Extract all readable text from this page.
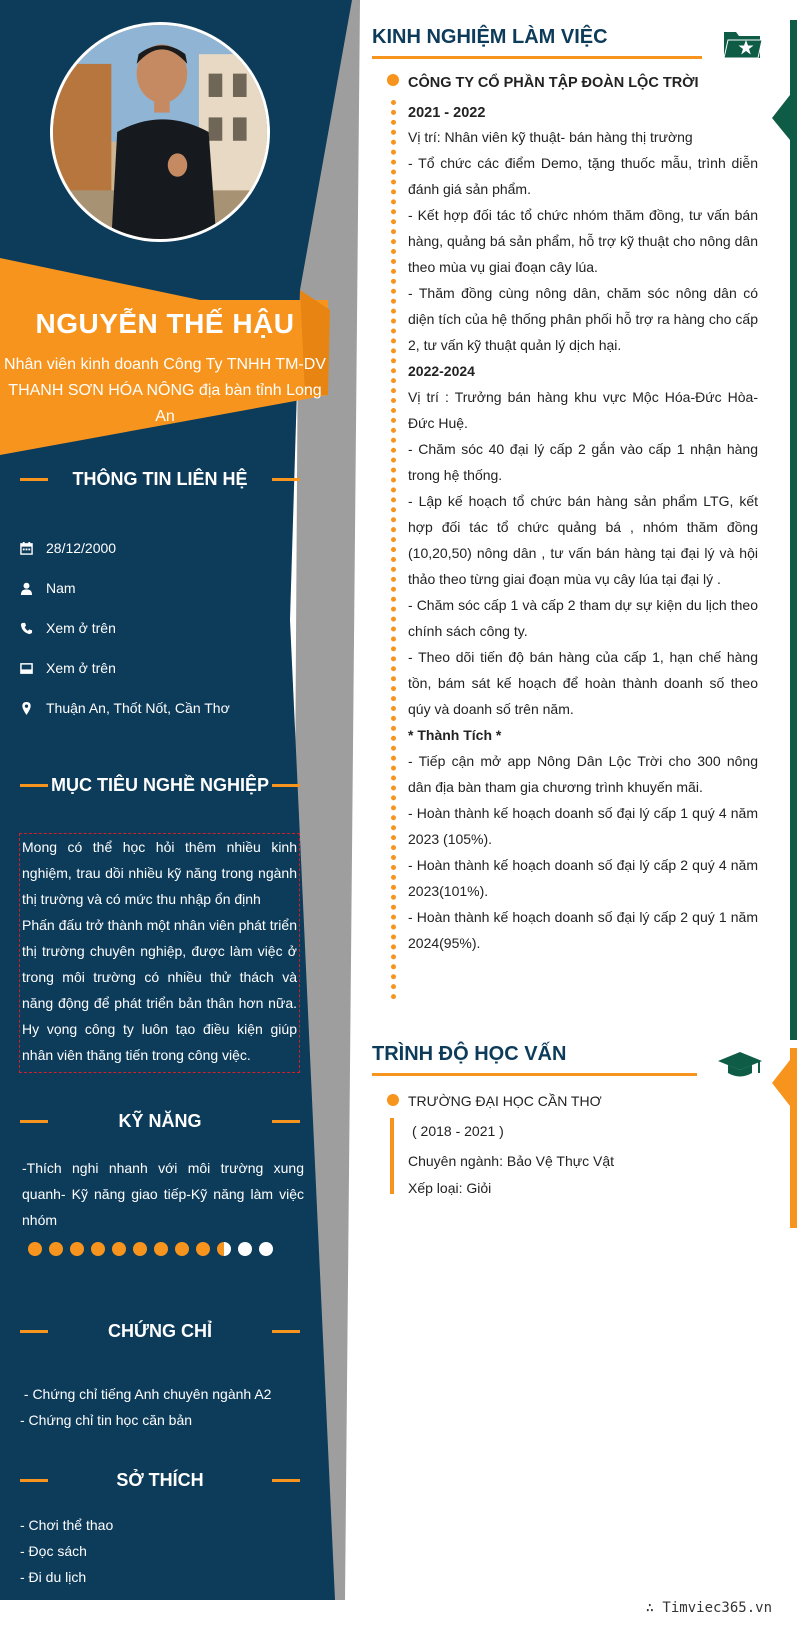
NGUYỄN THẾ HẬU
Nhân viên kinh doanh Công Ty TNHH TM-DV THANH SƠN HÓA NÔNG địa bàn tỉnh Long An
THÔNG TIN LIÊN HỆ
28/12/2000
Nam
Xem ở trên
Xem ở trên
Thuận An, Thốt Nốt, Cần Thơ
MỤC TIÊU NGHỀ NGHIỆP

Mong có thể học hỏi thêm nhiều kinh nghiệm, trau dồi nhiều kỹ năng trong ngành thị trường và có mức thu nhập ổn định

Phấn đấu trở thành một nhân viên phát triển thị trường chuyên nghiệp, được làm việc ở trong môi trường có nhiều thử thách và năng động để phát triển bản thân hơn nữa. Hy vọng công ty luôn tạo điều kiện giúp nhân viên thăng tiến trong công việc.

KỸ NĂNG
-Thích nghi nhanh với môi trường xung quanh- Kỹ năng giao tiếp-Kỹ năng làm việc nhóm
CHỨNG CHỈ
- Chứng chỉ tiếng Anh chuyên ngành A2
- Chứng chỉ tin học căn bản
SỞ THÍCH
- Chơi thể thao
- Đọc sách
- Đi du lịch
KINH NGHIỆM LÀM VIỆC
CÔNG TY CỔ PHẦN TẬP ĐOÀN LỘC TRỜI
2021 - 2022

Vị trí: Nhân viên kỹ thuật- bán hàng thị trường

- Tổ chức các điểm Demo, tặng thuốc mẫu, trình diễn đánh giá sản phẩm.

- Kết hợp đối tác tổ chức nhóm thăm đồng, tư vấn bán hàng, quảng bá sản phẩm, hỗ trợ kỹ thuật cho nông dân theo mùa vụ giai đoạn cây lúa.

- Thăm đồng cùng nông dân, chăm sóc nông dân có diện tích của hệ thống phân phối hỗ trợ ra hàng cho cấp 2, tư vấn kỹ thuật quản lý dịch hại.

2022-2024

Vị trí : Trưởng bán hàng khu vực Mộc Hóa-Đức Hòa- Đức Huệ.

- Chăm sóc 40 đại lý cấp 2 gắn vào cấp 1 nhận hàng trong hệ thống.

- Lập kế hoạch tổ chức bán hàng sản phẩm LTG, kết hợp đối tác tổ chức quảng bá , nhóm thăm đồng (10,20,50) nông dân , tư vấn bán hàng tại đại lý và hội thảo theo từng giai đoạn mùa vụ cây lúa tại đại lý .

- Chăm sóc cấp 1 và cấp 2 tham dự sự kiện du lịch theo chính sách công ty.

- Theo dõi tiến độ bán hàng của cấp 1, hạn chế hàng tồn, bám sát kế hoạch để hoàn thành doanh số theo qúy và doanh số trên năm.

* Thành Tích *

- Tiếp cận mở app Nông Dân Lộc Trời cho 300 nông dân địa bàn tham gia chương trình khuyến mãi.

- Hoàn thành kế hoạch doanh số đại lý cấp 1 quý 4 năm 2023 (105%).

- Hoàn thành kế hoạch doanh số đại lý cấp 2 quý 4 năm 2023(101%).

- Hoàn thành kế hoạch doanh số đại lý cấp 2 quý 1 năm 2024(95%).

TRÌNH ĐỘ HỌC VẤN
TRƯỜNG ĐẠI HỌC CẦN THƠ
( 2018 - 2021 )
Chuyên ngành: Bảo Vệ Thực Vật
Xếp loại: Giỏi
∴ Timviec365.vn
